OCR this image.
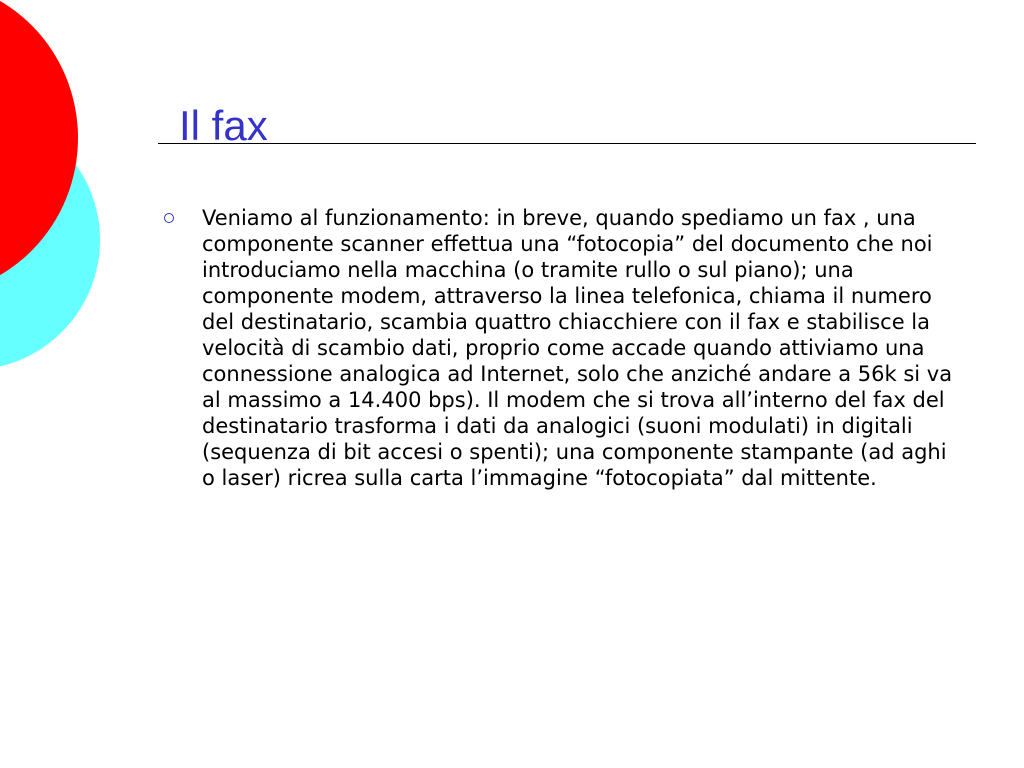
Il fax

Veniamo al funzionamento: in breve, quando spediamo un fax , una componente scanner effettua una “fotocopia” del documento che noi introduciamo nella macchina (o tramite rullo o sul piano); una componente modem, attraverso la linea telefonica, chiama il numero del destinatario, scambia quattro chiacchiere con il fax e stabilisce la velocità di scambio dati, proprio come accade quando attiviamo una connessione analogica ad Internet, solo che anziché andare a 56k si va al massimo a 14.400 bps). Il modem che si trova all’interno del fax del destinatario trasforma i dati da analogici (suoni modulati) in digitali (sequenza di bit accesi o spenti); una componente stampante (ad aghi o laser) ricrea sulla carta l’immagine “fotocopiata” dal mittente.
